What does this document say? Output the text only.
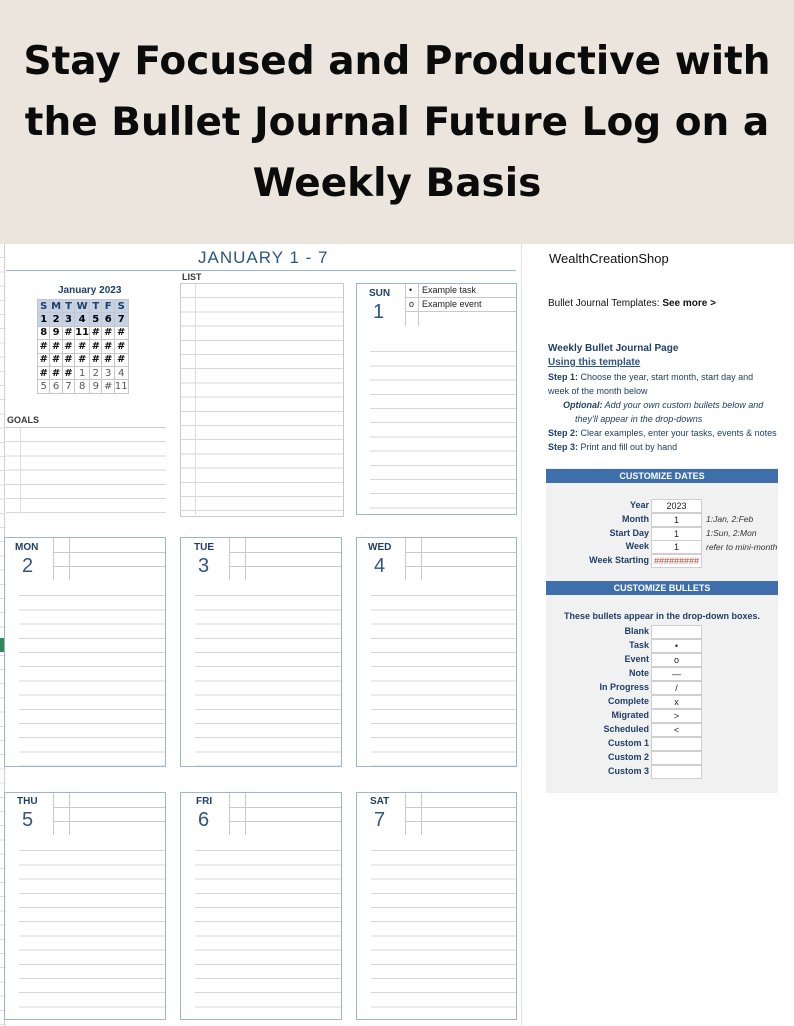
Stay Focused and Productive with the Bullet Journal Future Log on a Weekly Basis
JANUARY 1 - 7
January 2023
S	M	T	W	T	F	S
1	2	3	4	5	6	7
8	9	#	11	#	#	#
#	#	#	#	#	#	#
#	#	#	#	#	#	#
#	#	#	1	2	3	4
5	6	7	8	9	#	11
GOALS
LIST
SUN
1
• Example task
o Example event
MON
2
TUE
3
WED
4
THU
5
FRI
6
SAT
7
WealthCreationShop
Bullet Journal Templates: See more >
Weekly Bullet Journal Page
Using this template
Step 1: Choose the year, start month, start day and
week of the month below
Optional: Add your own custom bullets below and
they'll appear in the drop-downs
Step 2: Clear examples, enter your tasks, events & notes
Step 3: Print and fill out by hand
CUSTOMIZE DATES
Year	2023
Month	1	1:Jan, 2:Feb
Start Day	1	1:Sun, 2:Mon
Week	1	refer to mini-month
Week Starting #########
CUSTOMIZE BULLETS
These bullets appear in the drop-down boxes.
Blank
Task	•
Event	o
Note	—
In Progress	/
Complete	x
Migrated	>
Scheduled	<
Custom 1
Custom 2
Custom 3
